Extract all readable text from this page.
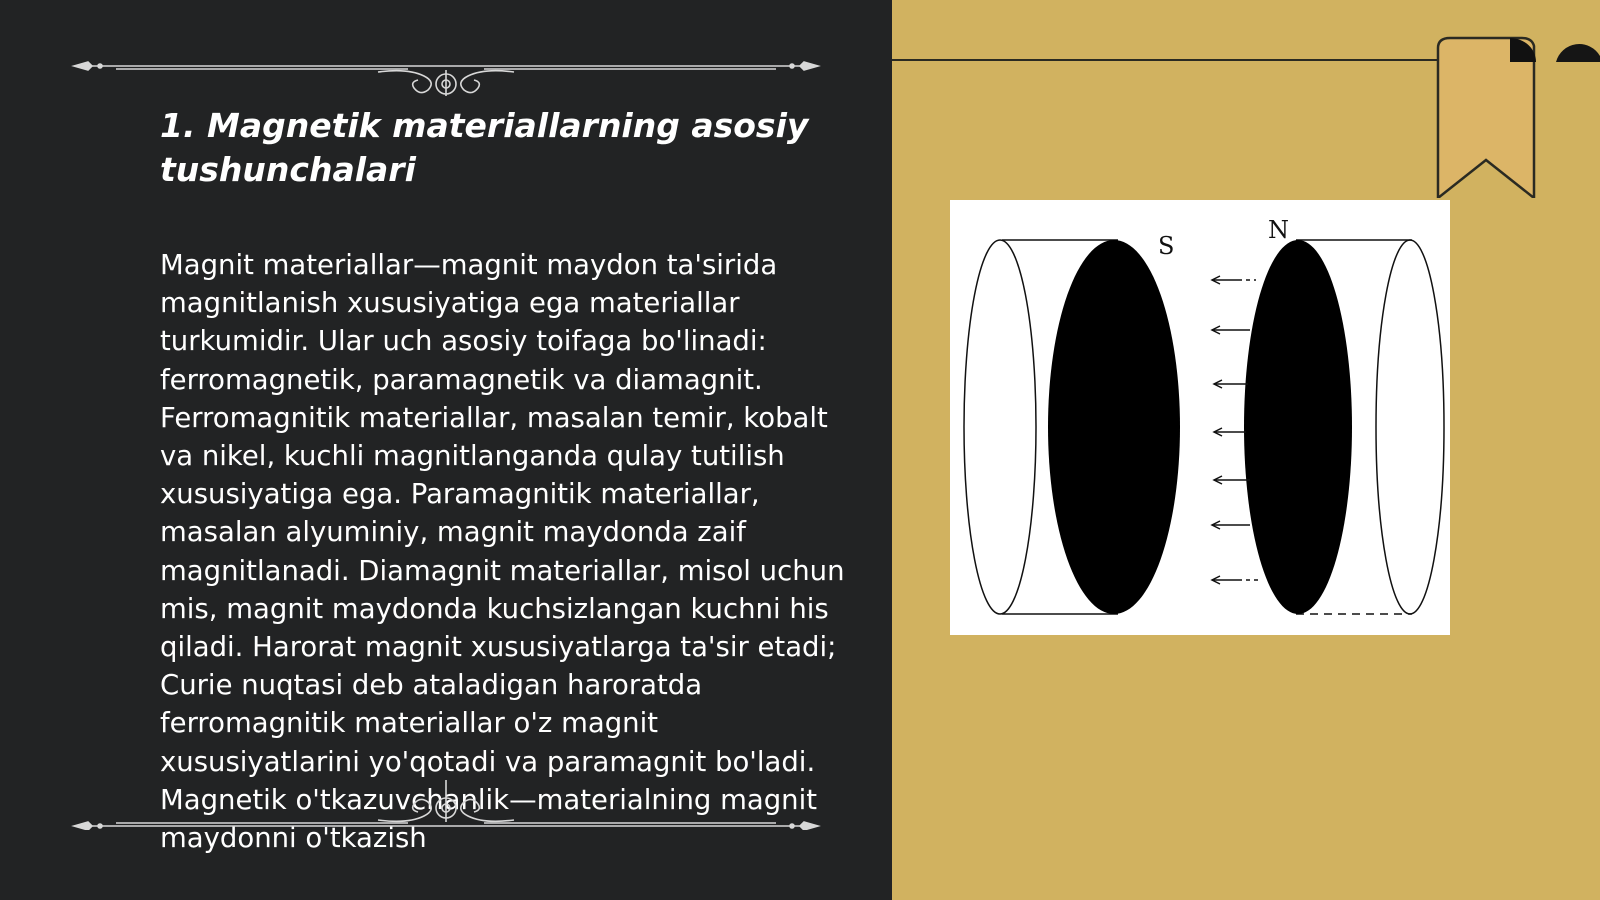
1. Magnetik materiallarning asosiy tushunchalari

Magnit materiallar—magnit maydon ta'sirida magnitlanish xususiyatiga ega materiallar turkumidir. Ular uch asosiy toifaga bo'linadi: ferromagnetik, paramagnetik va diamagnit. Ferromagnitik materiallar, masalan temir, kobalt va nikel, kuchli magnitlanganda qulay tutilish xususiyatiga ega. Paramagnitik materiallar, masalan alyuminiy, magnit maydonda zaif magnitlanadi. Diamagnit materiallar, misol uchun mis, magnit maydonda kuchsizlangan kuchni his qiladi. Harorat magnit xususiyatlarga ta'sir etadi; Curie nuqtasi deb ataladigan haroratda ferromagnitik materiallar o'z magnit xususiyatlarini yo'qotadi va paramagnit bo'ladi. Magnetik o'tkazuvchanlik—materialning magnit maydonni o'tkazish

S
N
